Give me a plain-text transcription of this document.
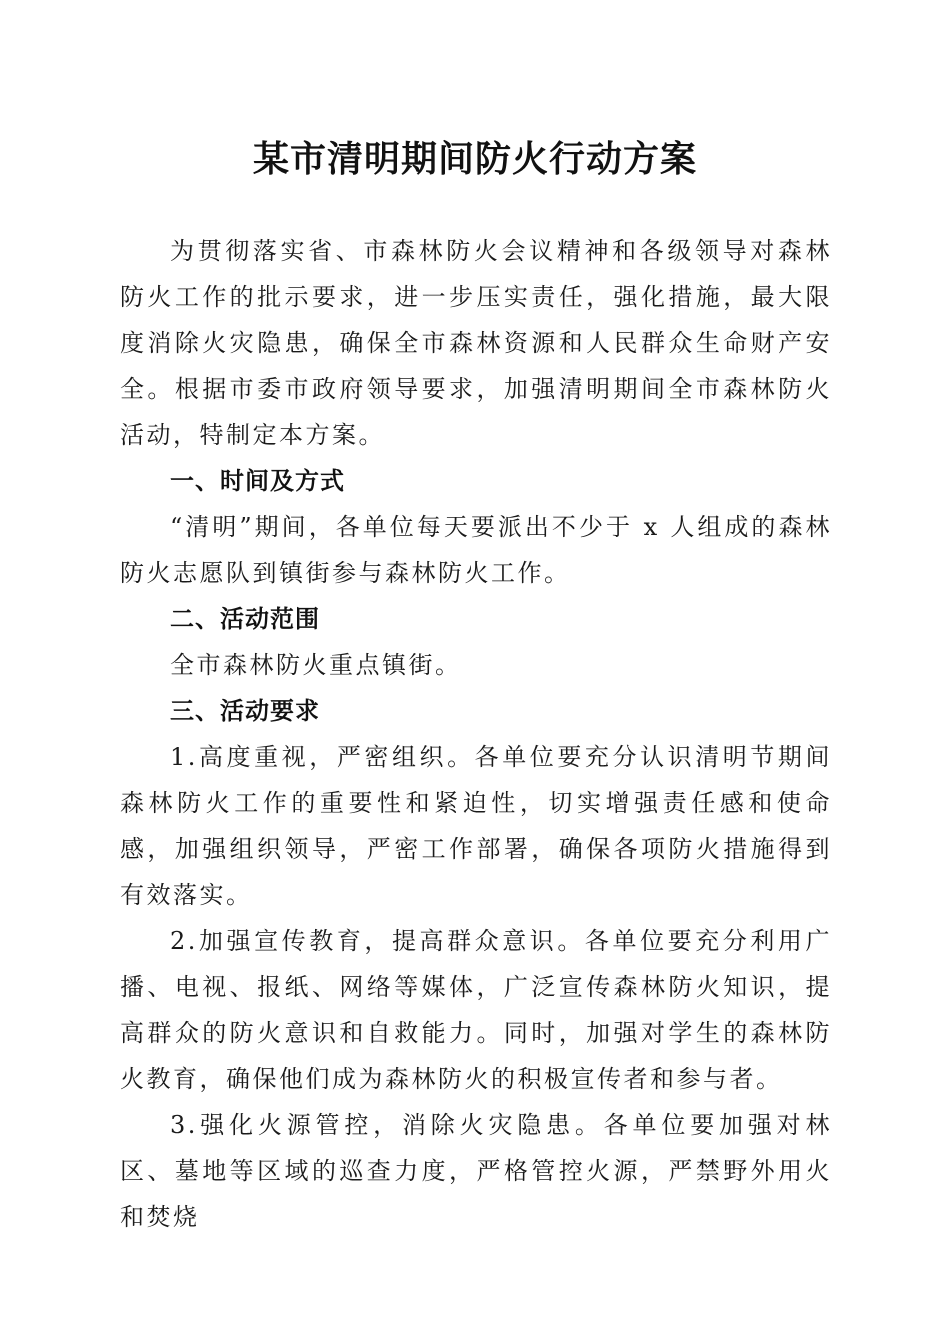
某市清明期间防火行动方案

为贯彻落实省、市森林防火会议精神和各级领导对森林防火工作的批示要求，进一步压实责任，强化措施，最大限度消除火灾隐患，确保全市森林资源和人民群众生命财产安全。根据市委市政府领导要求，加强清明期间全市森林防火活动，特制定本方案。

一、时间及方式

“清明”期间，各单位每天要派出不少于 x 人组成的森林防火志愿队到镇街参与森林防火工作。

二、活动范围

全市森林防火重点镇街。

三、活动要求

1.高度重视，严密组织。各单位要充分认识清明节期间森林防火工作的重要性和紧迫性，切实增强责任感和使命感，加强组织领导，严密工作部署，确保各项防火措施得到有效落实。

2.加强宣传教育，提高群众意识。各单位要充分利用广播、电视、报纸、网络等媒体，广泛宣传森林防火知识，提高群众的防火意识和自救能力。同时，加强对学生的森林防火教育，确保他们成为森林防火的积极宣传者和参与者。

3.强化火源管控，消除火灾隐患。各单位要加强对林区、墓地等区域的巡查力度，严格管控火源，严禁野外用火和焚烧
